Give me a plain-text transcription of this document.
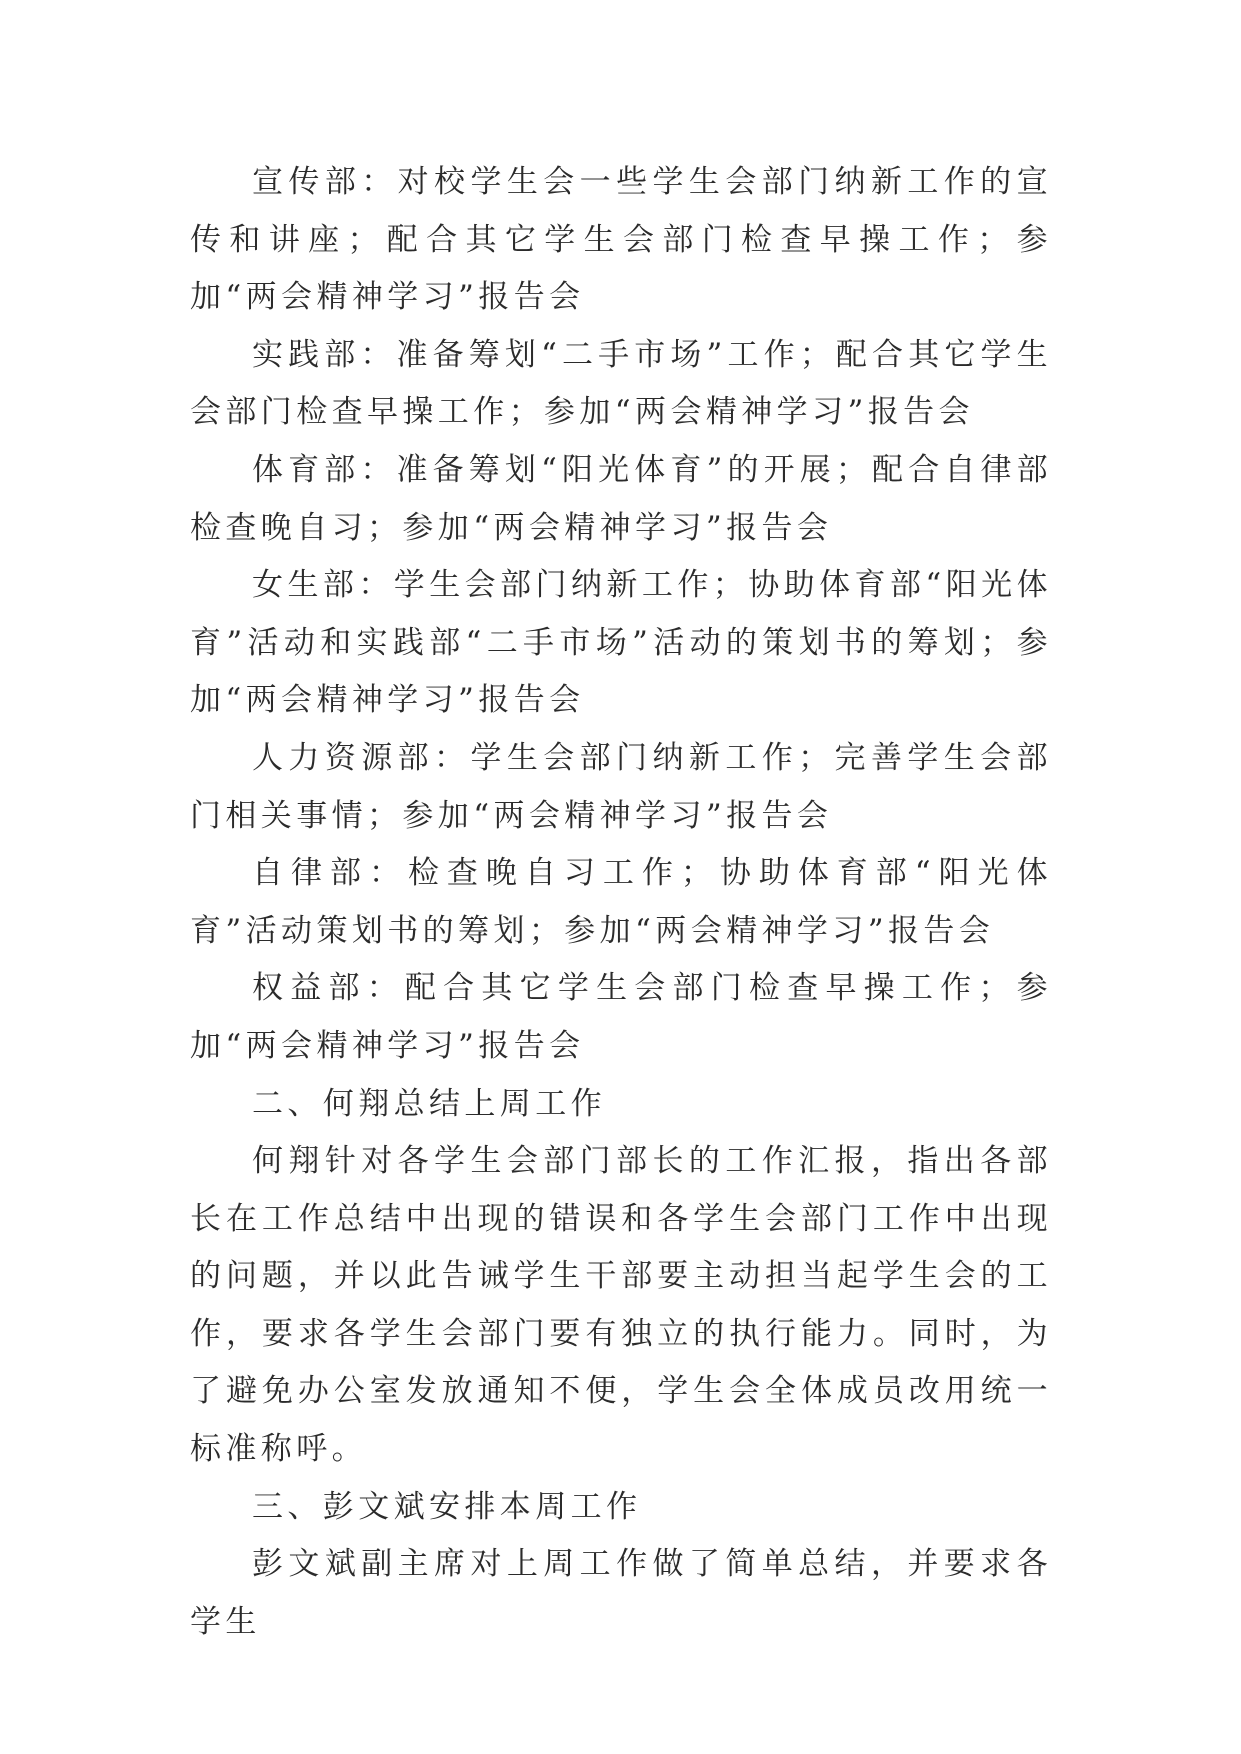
宣传部：对校学生会一些学生会部门纳新工作的宣传和讲座；配合其它学生会部门检查早操工作；参加“两会精神学习”报告会

实践部：准备筹划“二手市场”工作；配合其它学生会部门检查早操工作；参加“两会精神学习”报告会

体育部：准备筹划“阳光体育”的开展；配合自律部检查晚自习；参加“两会精神学习”报告会

女生部：学生会部门纳新工作；协助体育部“阳光体育”活动和实践部“二手市场”活动的策划书的筹划；参加“两会精神学习”报告会

人力资源部：学生会部门纳新工作；完善学生会部门相关事情；参加“两会精神学习”报告会

自律部：检查晚自习工作；协助体育部“阳光体育”活动策划书的筹划；参加“两会精神学习”报告会

权益部：配合其它学生会部门检查早操工作；参加“两会精神学习”报告会

二、何翔总结上周工作

何翔针对各学生会部门部长的工作汇报，指出各部长在工作总结中出现的错误和各学生会部门工作中出现的问题，并以此告诫学生干部要主动担当起学生会的工作，要求各学生会部门要有独立的执行能力。同时，为了避免办公室发放通知不便，学生会全体成员改用统一标准称呼。

三、彭文斌安排本周工作

彭文斌副主席对上周工作做了简单总结，并要求各学生
